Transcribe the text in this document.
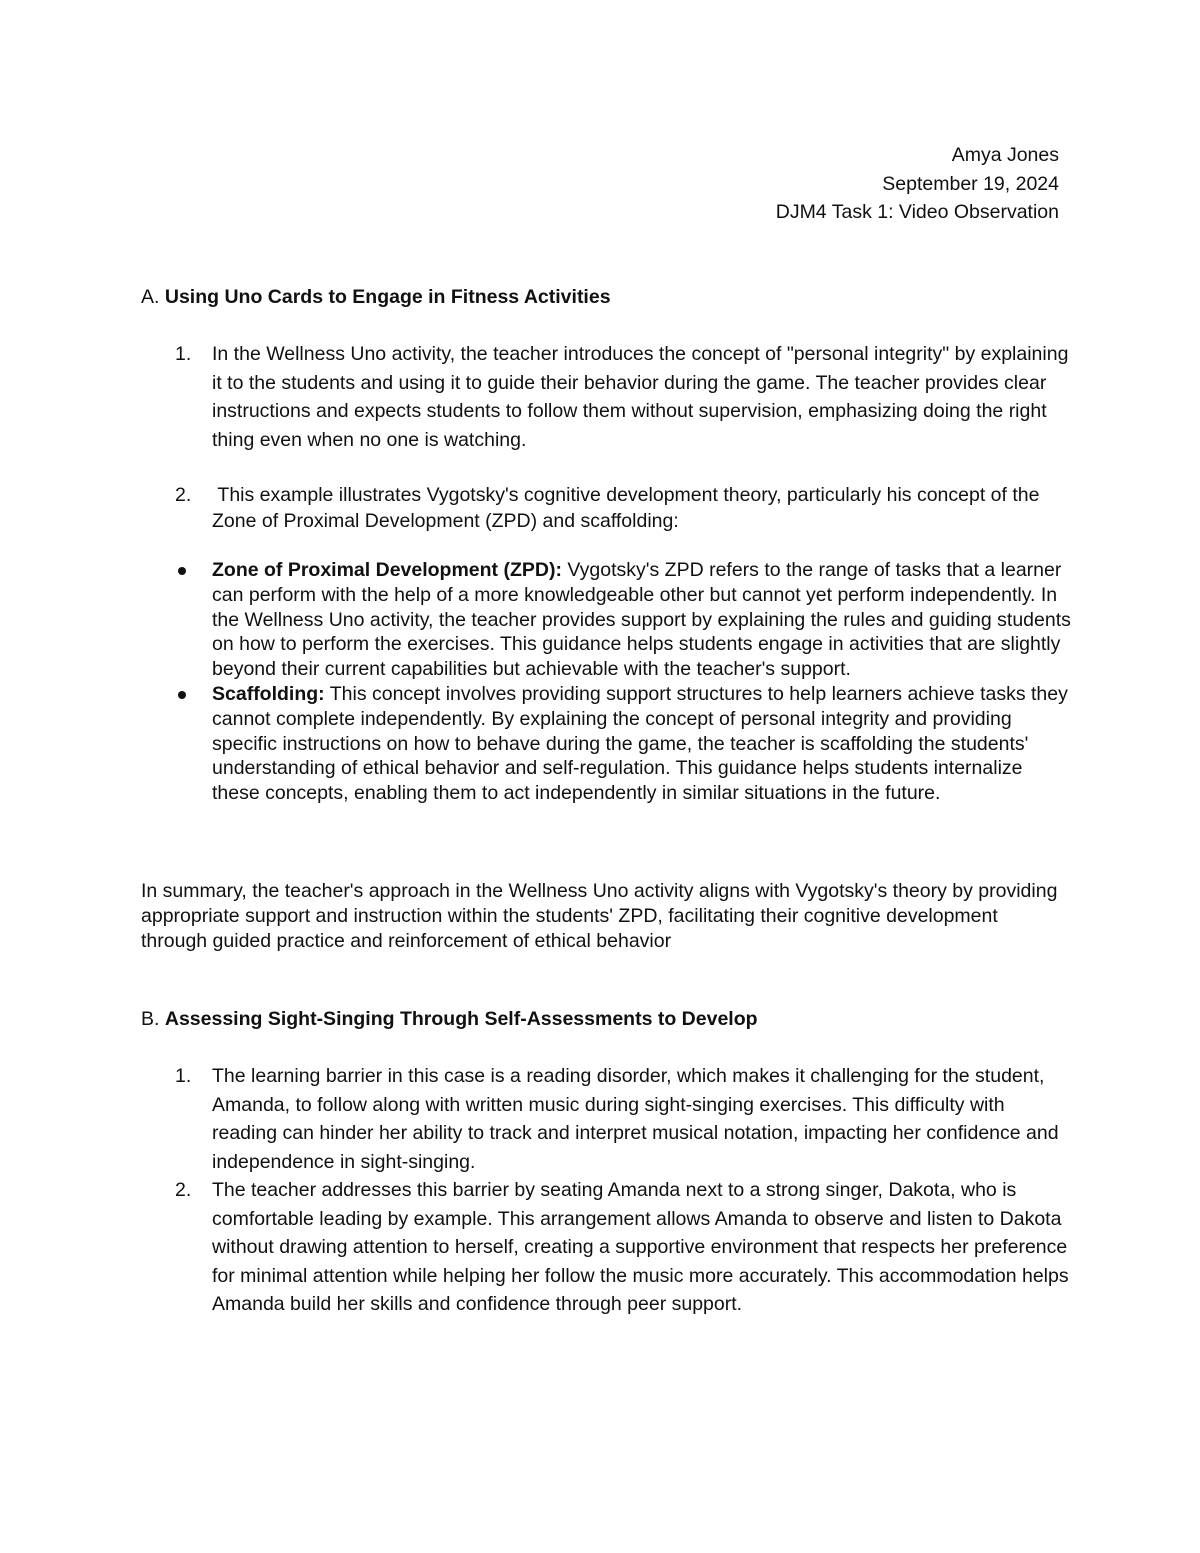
Amya Jones
September 19, 2024
DJM4 Task 1: Video Observation
A. Using Uno Cards to Engage in Fitness Activities
1. In the Wellness Uno activity, the teacher introduces the concept of "personal integrity" by explaining it to the students and using it to guide their behavior during the game. The teacher provides clear instructions and expects students to follow them without supervision, emphasizing doing the right thing even when no one is watching.
2. This example illustrates Vygotsky's cognitive development theory, particularly his concept of the Zone of Proximal Development (ZPD) and scaffolding:
Zone of Proximal Development (ZPD): Vygotsky's ZPD refers to the range of tasks that a learner can perform with the help of a more knowledgeable other but cannot yet perform independently. In the Wellness Uno activity, the teacher provides support by explaining the rules and guiding students on how to perform the exercises. This guidance helps students engage in activities that are slightly beyond their current capabilities but achievable with the teacher's support.
Scaffolding: This concept involves providing support structures to help learners achieve tasks they cannot complete independently. By explaining the concept of personal integrity and providing specific instructions on how to behave during the game, the teacher is scaffolding the students' understanding of ethical behavior and self-regulation. This guidance helps students internalize these concepts, enabling them to act independently in similar situations in the future.
In summary, the teacher's approach in the Wellness Uno activity aligns with Vygotsky's theory by providing appropriate support and instruction within the students' ZPD, facilitating their cognitive development through guided practice and reinforcement of ethical behavior
B. Assessing Sight-Singing Through Self-Assessments to Develop
1. The learning barrier in this case is a reading disorder, which makes it challenging for the student, Amanda, to follow along with written music during sight-singing exercises. This difficulty with reading can hinder her ability to track and interpret musical notation, impacting her confidence and independence in sight-singing.
2. The teacher addresses this barrier by seating Amanda next to a strong singer, Dakota, who is comfortable leading by example. This arrangement allows Amanda to observe and listen to Dakota without drawing attention to herself, creating a supportive environment that respects her preference for minimal attention while helping her follow the music more accurately. This accommodation helps Amanda build her skills and confidence through peer support.
